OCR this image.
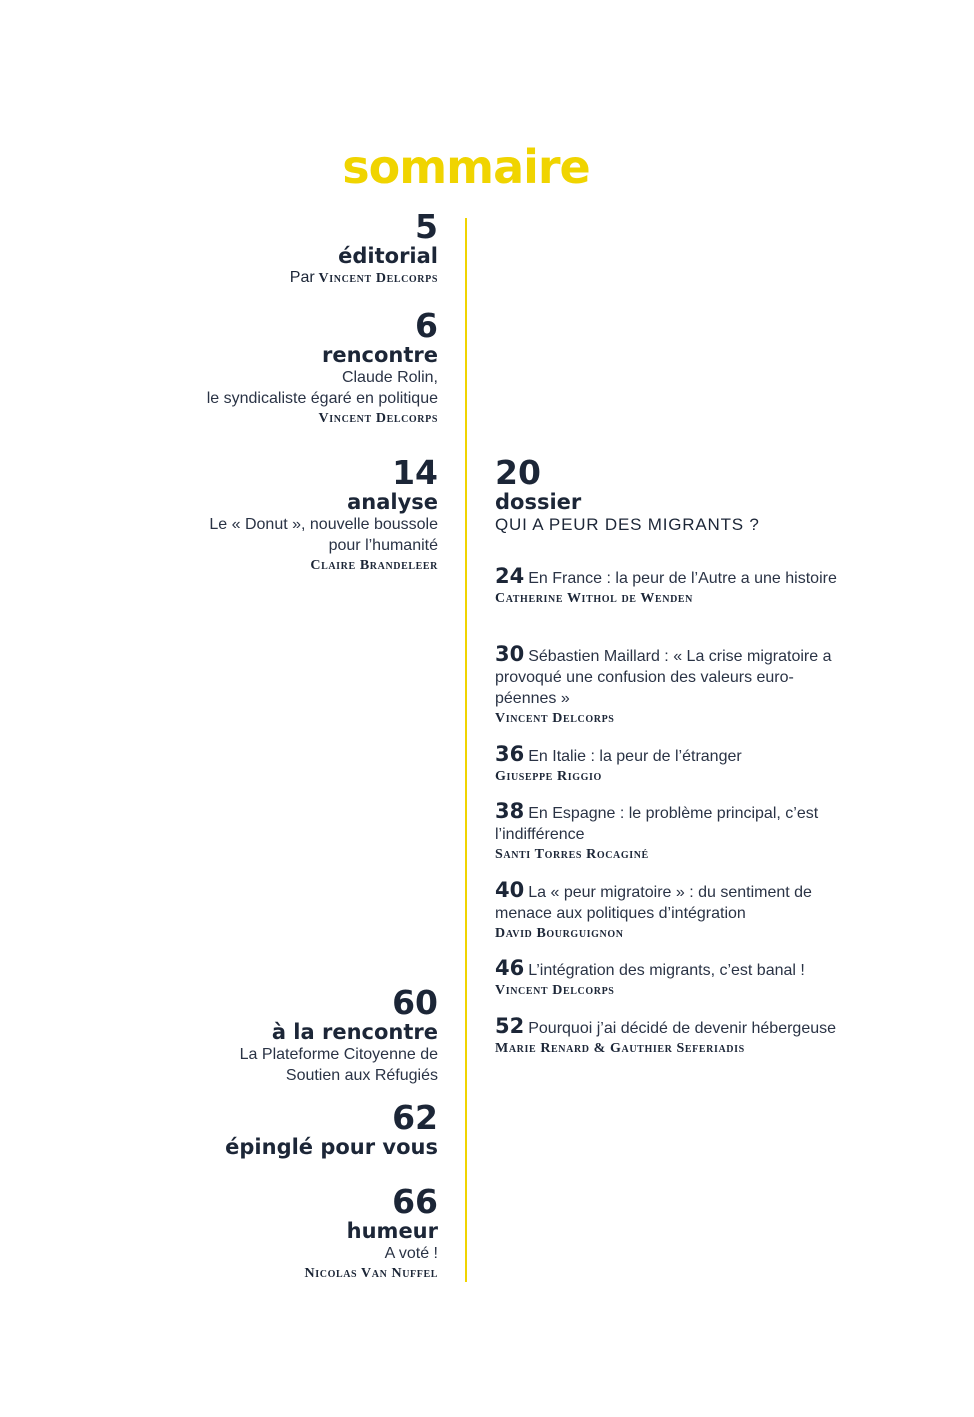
sommaire
5
éditorial
Par Vincent Delcorps
6
rencontre
Claude Rolin,
le syndicaliste égaré en politique
Vincent Delcorps
14
analyse
Le « Donut », nouvelle boussole
pour l’humanité
Claire Brandeleer
60
à la rencontre
La Plateforme Citoyenne de
Soutien aux Réfugiés
62
épinglé pour vous
66
humeur
A voté !
Nicolas Van Nuffel
20
dossier
QUI A PEUR DES MIGRANTS ?
24 En France : la peur de l’Autre a une histoire
Catherine Withol de Wenden
30 Sébastien Maillard : « La crise migratoire a provoqué une confusion des valeurs euro-péennes »
Vincent Delcorps
36 En Italie : la peur de l’étranger
Giuseppe Riggio
38 En Espagne : le problème principal, c’est l’indifférence
Santi Torres Rocaginé
40 La « peur migratoire » : du sentiment de menace aux politiques d’intégration
David Bourguignon
46 L’intégration des migrants, c’est banal !
Vincent Delcorps
52 Pourquoi j’ai décidé de devenir hébergeuse
Marie Renard & Gauthier Seferiadis
